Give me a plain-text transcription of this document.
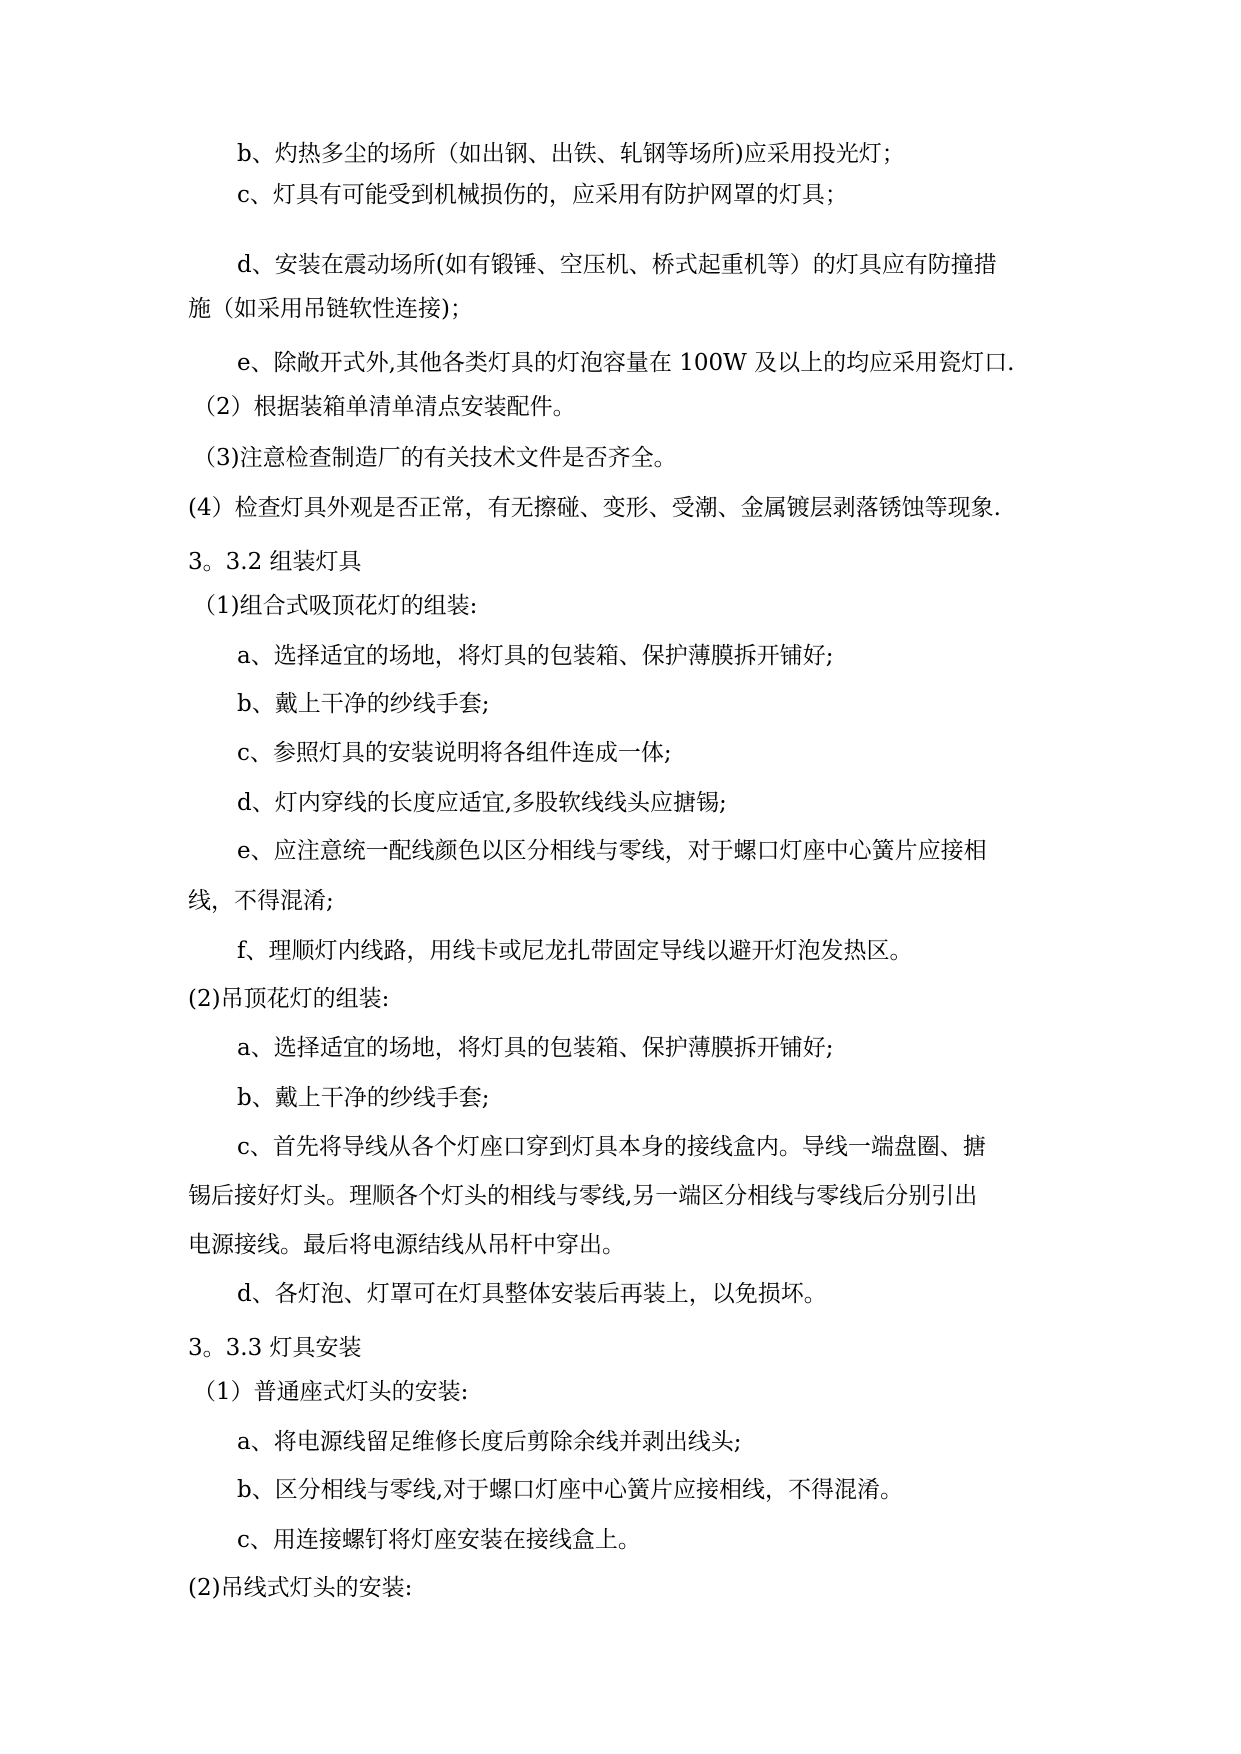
b、灼热多尘的场所（如出钢、出铁、轧钢等场所)应采用投光灯；

c、灯具有可能受到机械损伤的，应采用有防护网罩的灯具；

d、安装在震动场所(如有锻锤、空压机、桥式起重机等）的灯具应有防撞措

施（如采用吊链软性连接)；

e、除敞开式外,其他各类灯具的灯泡容量在 100W 及以上的均应采用瓷灯口.

（2）根据装箱单清单清点安装配件。

（3)注意检查制造厂的有关技术文件是否齐全。

(4）检查灯具外观是否正常，有无擦碰、变形、受潮、金属镀层剥落锈蚀等现象.

3。3.2 组装灯具

（1)组合式吸顶花灯的组装:

a、选择适宜的场地，将灯具的包装箱、保护薄膜拆开铺好;

b、戴上干净的纱线手套;

c、参照灯具的安装说明将各组件连成一体;

d、灯内穿线的长度应适宜,多股软线线头应搪锡;

e、应注意统一配线颜色以区分相线与零线，对于螺口灯座中心簧片应接相

线，不得混淆;

f、理顺灯内线路，用线卡或尼龙扎带固定导线以避开灯泡发热区。

(2)吊顶花灯的组装:

a、选择适宜的场地，将灯具的包装箱、保护薄膜拆开铺好;

b、戴上干净的纱线手套;

c、首先将导线从各个灯座口穿到灯具本身的接线盒内。导线一端盘圈、搪

锡后接好灯头。理顺各个灯头的相线与零线,另一端区分相线与零线后分别引出

电源接线。最后将电源结线从吊杆中穿出。

d、各灯泡、灯罩可在灯具整体安装后再装上，以免损坏。

3。3.3 灯具安装

（1）普通座式灯头的安装:

a、将电源线留足维修长度后剪除余线并剥出线头;

b、区分相线与零线,对于螺口灯座中心簧片应接相线，不得混淆。

c、用连接螺钉将灯座安装在接线盒上。

(2)吊线式灯头的安装:
